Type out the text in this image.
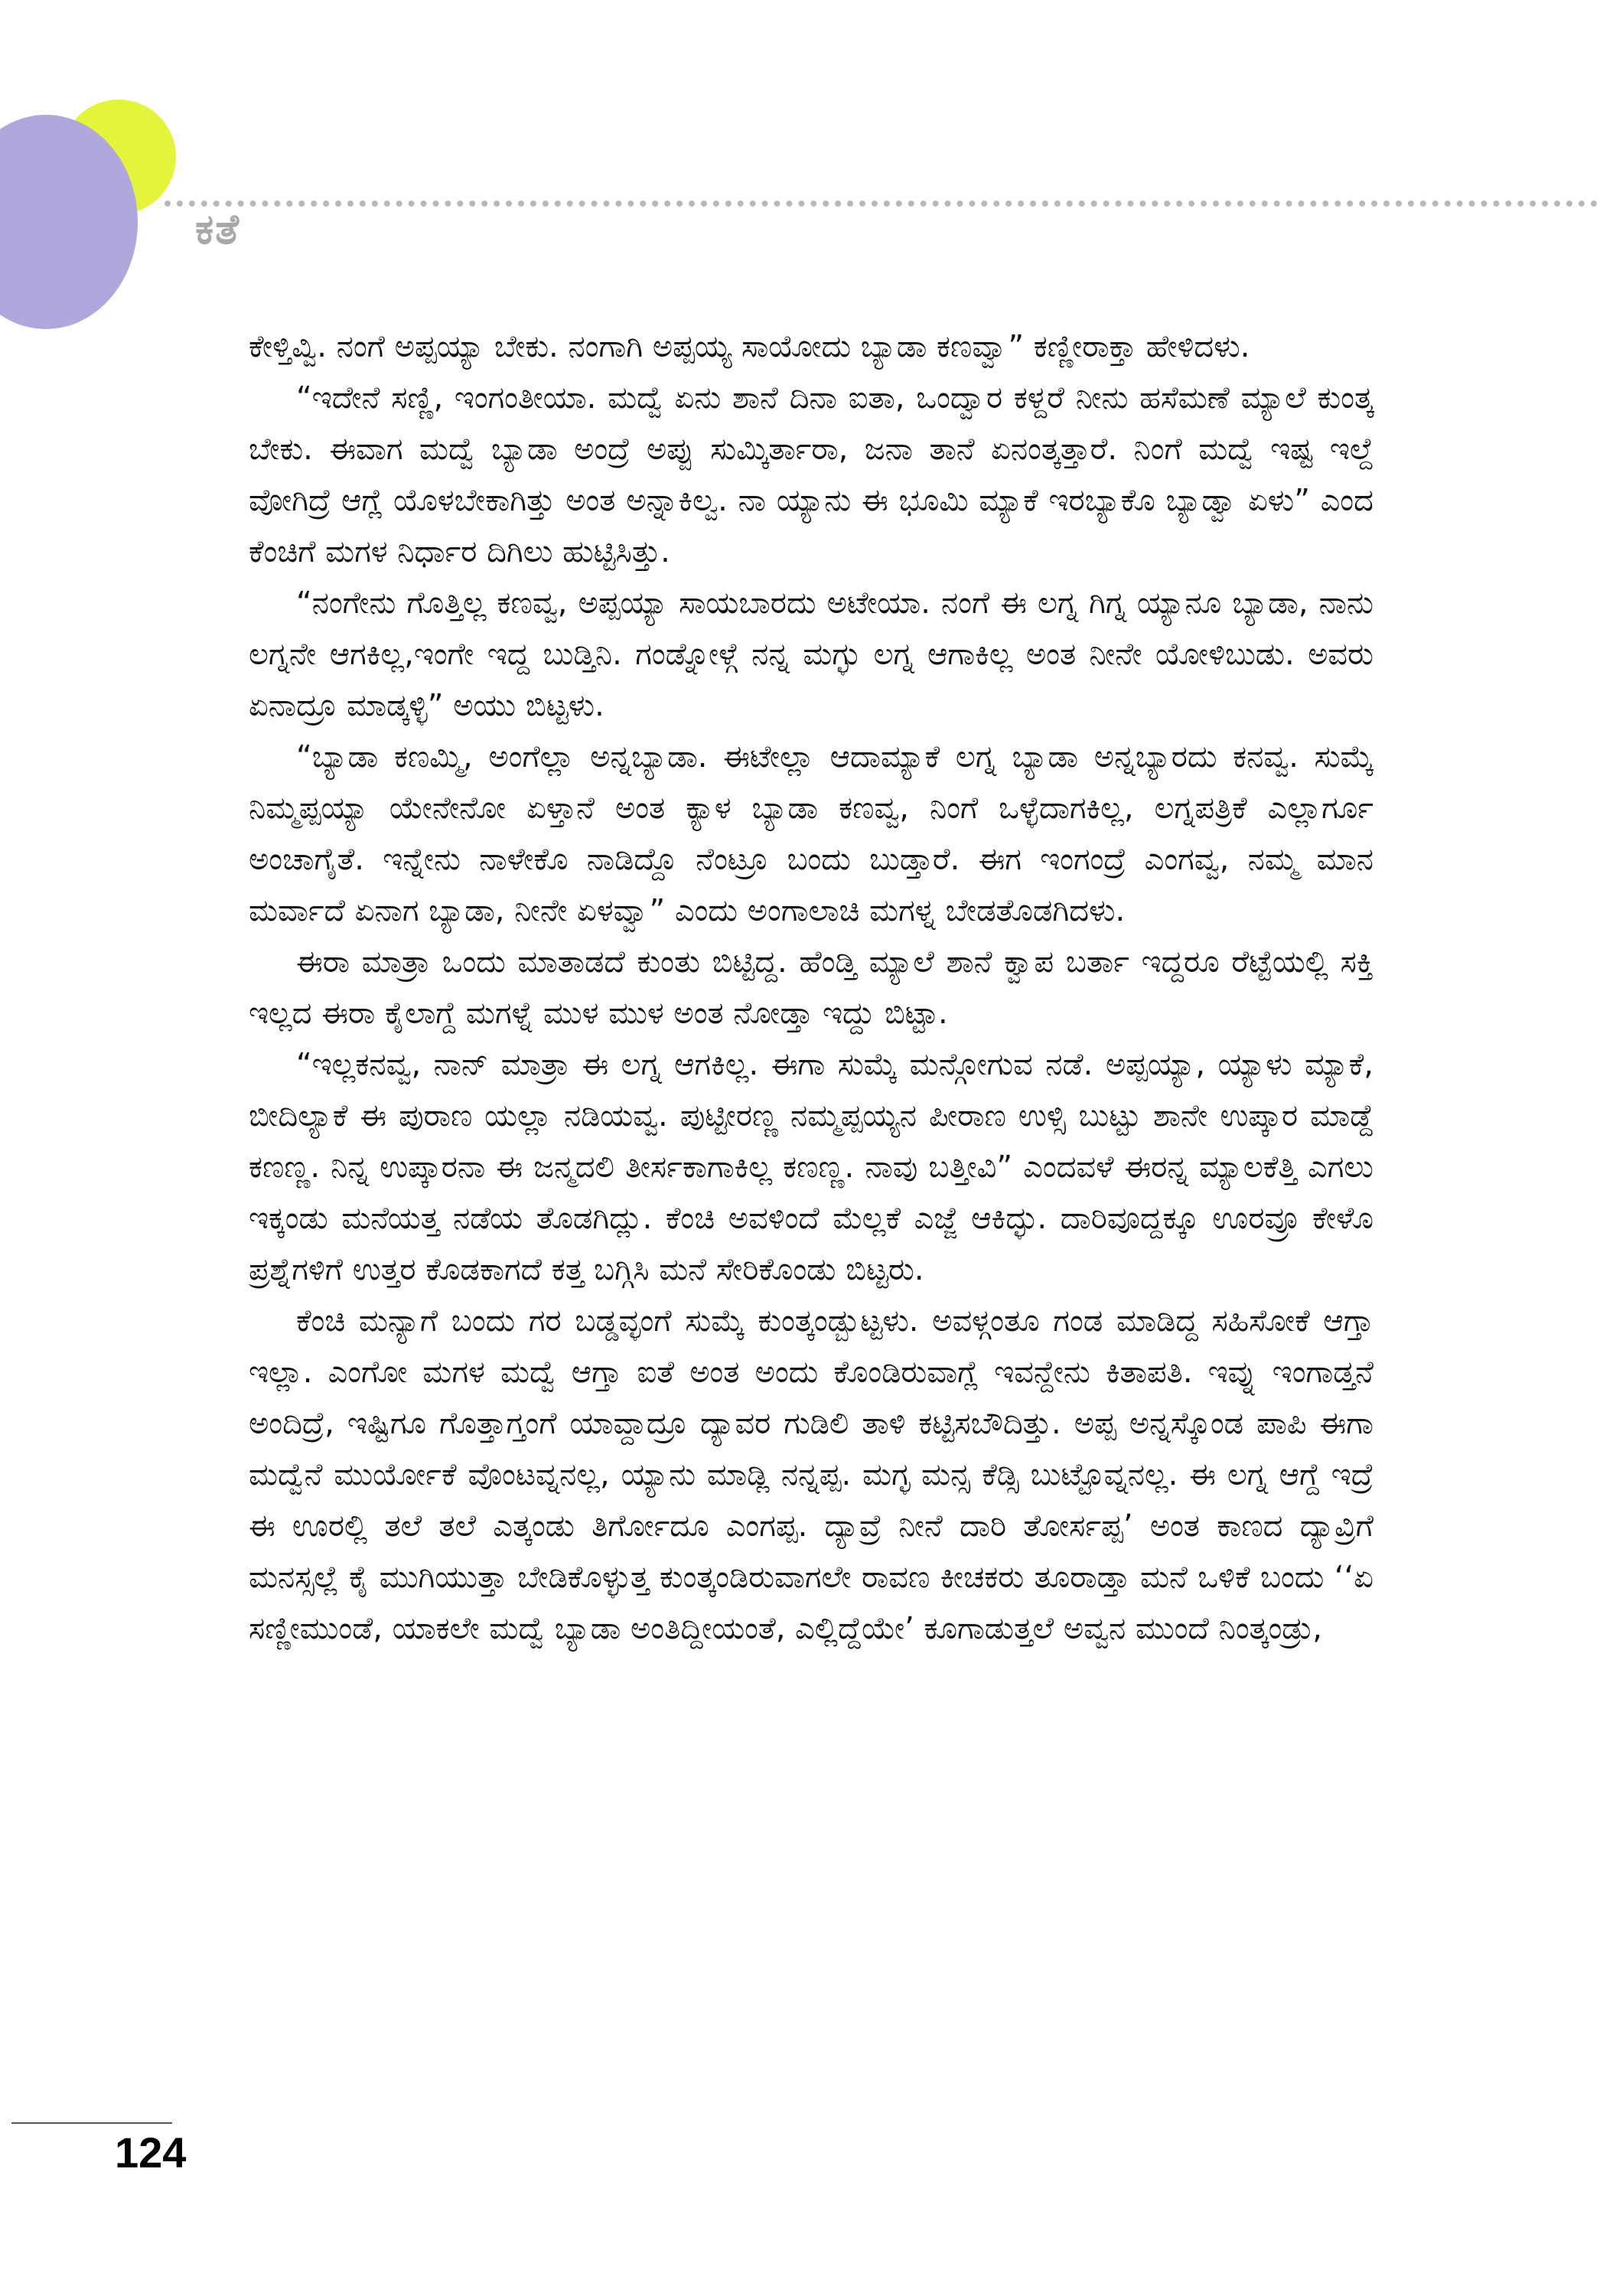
ಕತೆ

ಕೇಳ್ತಿವ್ವಿ. ನಂಗೆ ಅಪ್ಪಯ್ಯಾ ಬೇಕು. ನಂಗಾಗಿ ಅಪ್ಪಯ್ಯ ಸಾಯೋದು ಬ್ಯಾಡಾ ಕಣವ್ವಾ” ಕಣ್ಣೀರಾಕ್ತಾ ಹೇಳಿದಳು.

“ಇದೇನೆ ಸಣ್ಣಿ, ಇಂಗಂತೀಯಾ. ಮದ್ವೆ ಏನು ಶಾನೆ ದಿನಾ ಐತಾ, ಒಂದ್ವಾರ ಕಳ್ದರೆ ನೀನು ಹಸೆಮಣೆ ಮ್ಯಾಲೆ ಕುಂತ್ಕ ಬೇಕು. ಈವಾಗ ಮದ್ವೆ ಬ್ಯಾಡಾ ಅಂದ್ರೆ ಅಪ್ಪು ಸುಮ್ಕಿರ್ತಾರಾ, ಜನಾ ತಾನೆ ಏನಂತ್ಕತ್ತಾರೆ. ನಿಂಗೆ ಮದ್ವೆ ಇಷ್ಟ ಇಲ್ದೆ ವೋಗಿದ್ರೆ ಆಗ್ಲೆ ಯೊಳಬೇಕಾಗಿತ್ತು ಅಂತ ಅನ್ನಾಕಿಲ್ವ. ನಾ ಯ್ಯಾನು ಈ ಭೂಮಿ ಮ್ಯಾಕೆ ಇರಬ್ಯಾಕೊ ಬ್ಯಾಡ್ವಾ ಏಳು” ಎಂದ ಕೆಂಚಿಗೆ ಮಗಳ ನಿರ್ಧಾರ ದಿಗಿಲು ಹುಟ್ಟಿಸಿತ್ತು.

“ನಂಗೇನು ಗೊತ್ತಿಲ್ಲ ಕಣವ್ವ, ಅಪ್ಪಯ್ಯಾ ಸಾಯಬಾರದು ಅಟೇಯಾ. ನಂಗೆ ಈ ಲಗ್ನ ಗಿಗ್ನ ಯ್ಯಾನೂ ಬ್ಯಾಡಾ, ನಾನು ಲಗ್ನನೇ ಆಗಕಿಲ್ಲ,ಇಂಗೇ ಇದ್ದ ಬುಡ್ತಿನಿ. ಗಂಡ್ನೋಳ್ಗೆ ನನ್ನ ಮಗ್ಳು ಲಗ್ನ ಆಗಾಕಿಲ್ಲ ಅಂತ ನೀನೇ ಯೋಳಿಬುಡು. ಅವರು ಏನಾದ್ರೂ ಮಾಡ್ಕಳ್ಳಿ” ಅಯು ಬಿಟ್ಟಳು.

“ಬ್ಯಾಡಾ ಕಣಮ್ಮಿ, ಅಂಗೆಲ್ಲಾ ಅನ್ನಬ್ಯಾಡಾ. ಈಟೇಲ್ಲಾ ಆದಾಮ್ಯಾಕೆ ಲಗ್ನ ಬ್ಯಾಡಾ ಅನ್ನಬ್ಯಾರದು ಕನವ್ವ. ಸುಮ್ಕೆ ನಿಮ್ಮಪ್ಪಯ್ಯಾ ಯೇನೇನೋ ಏಳ್ತಾನೆ ಅಂತ ಕ್ಯಾಳ ಬ್ಯಾಡಾ ಕಣವ್ವ, ನಿಂಗೆ ಒಳ್ಳೆದಾಗಕಿಲ್ಲ, ಲಗ್ನಪತ್ರಿಕೆ ಎಲ್ಲಾರ್ಗೂ ಅಂಚಾಗೈತೆ. ಇನ್ನೇನು ನಾಳೇಕೊ ನಾಡಿದ್ದೊ ನೆಂಟ್ರೂ ಬಂದು ಬುಡ್ತಾರೆ. ಈಗ ಇಂಗಂದ್ರೆ ಎಂಗವ್ವ, ನಮ್ಮ ಮಾನ ಮರ್ವಾದೆ ಏನಾಗ ಬ್ಯಾಡಾ, ನೀನೇ ಏಳವ್ವಾ” ಎಂದು ಅಂಗಾಲಾಚಿ ಮಗಳ್ನ ಬೇಡತೊಡಗಿದಳು.

ಈರಾ ಮಾತ್ರಾ ಒಂದು ಮಾತಾಡದೆ ಕುಂತು ಬಿಟ್ಟಿದ್ದ. ಹೆಂಡ್ತಿ ಮ್ಯಾಲೆ ಶಾನೆ ಕ್ವಾಪ ಬರ್ತಾ ಇದ್ದರೂ ರೆಟ್ಟೆಯಲ್ಲಿ ಸಕ್ತಿ ಇಲ್ಲದ ಈರಾ ಕೈಲಾಗ್ದೆ ಮಗಳ್ನೆ ಮುಳ ಮುಳ ಅಂತ ನೋಡ್ತಾ ಇದ್ದು ಬಿಟ್ಟಾ.

“ಇಲ್ಲಕನವ್ವ, ನಾನ್ ಮಾತ್ರಾ ಈ ಲಗ್ನ ಆಗಕಿಲ್ಲ. ಈಗಾ ಸುಮ್ಕೆ ಮನ್ಗೋಗುವ ನಡೆ. ಅಪ್ಪಯ್ಯಾ, ಯ್ಯಾಳು ಮ್ಯಾಕೆ, ಬೀದಿಲ್ಯಾಕೆ ಈ ಪುರಾಣ ಯಲ್ಲಾ ನಡಿಯವ್ವ. ಪುಟ್ಟೀರಣ್ಣ ನಮ್ಮಪ್ಪಯ್ಯನ ಪೀರಾಣ ಉಳ್ಸಿ ಬುಟ್ಟು ಶಾನೇ ಉಪ್ಕಾರ ಮಾಡ್ದೆ ಕಣಣ್ಣ. ನಿನ್ನ ಉಪ್ಕಾರನಾ ಈ ಜನ್ಮದಲಿ ತೀರ್ಸಕಾಗಾಕಿಲ್ಲ ಕಣಣ್ಣ. ನಾವು ಬತ್ತೀವಿ” ಎಂದವಳೆ ಈರನ್ನ ಮ್ಯಾಲಕೆತ್ತಿ ಎಗಲು ಇಕ್ಕಂಡು ಮನೆಯತ್ತ ನಡೆಯ ತೊಡಗಿದ್ಲು. ಕೆಂಚಿ ಅವಳಿಂದೆ ಮೆಲ್ಲಕೆ ಎಜ್ಜೆ ಆಕಿದ್ಳು. ದಾರಿವೂದ್ದಕ್ಕೂ ಊರವ್ರೂ ಕೇಳೊ ಪ್ರಶ್ನೆಗಳಿಗೆ ಉತ್ತರ ಕೊಡಕಾಗದೆ ಕತ್ತ ಬಗ್ಗಿಸಿ ಮನೆ ಸೇರಿಕೊಂಡು ಬಿಟ್ಟರು.

ಕೆಂಚಿ ಮನ್ಯಾಗೆ ಬಂದು ಗರ ಬಡ್ಡವ್ಳಂಗೆ ಸುಮ್ಕೆ ಕುಂತ್ಕಂಡ್ಬುಟ್ಟಳು. ಅವಳ್ಗಂತೂ ಗಂಡ ಮಾಡಿದ್ದ ಸಹಿಸೋಕೆ ಆಗ್ತಾ ಇಲ್ಲಾ. ಎಂಗೋ ಮಗಳ ಮದ್ವೆ ಆಗ್ತಾ ಐತೆ ಅಂತ ಅಂದು ಕೊಂಡಿರುವಾಗ್ಲೆ ಇವನ್ದೇನು ಕಿತಾಪತಿ. ಇವ್ನು ಇಂಗಾಡ್ತನೆ ಅಂದಿದ್ರೆ, ಇಷ್ಟಿಗೂ ಗೊತ್ತಾಗ್ತಂಗೆ ಯಾವ್ದಾದ್ರೂ ದ್ಯಾವರ ಗುಡಿಲಿ ತಾಳಿ ಕಟ್ಟಿಸಬೌದಿತ್ತು. ಅಪ್ಪ ಅನ್ನಸ್ಕೊಂಡ ಪಾಪಿ ಈಗಾ ಮದ್ವೆನೆ ಮುರ್ಯೋಕೆ ವೊಂಟವ್ನನಲ್ಲ, ಯ್ಯಾನು ಮಾಡ್ಲಿ ನನ್ನಪ್ಪ. ಮಗ್ಳ ಮನ್ಸ ಕೆಡ್ಸಿ ಬುಟ್ಟೊವ್ನನಲ್ಲ. ಈ ಲಗ್ನ ಆಗ್ದೆ ಇದ್ರೆ ಈ ಊರಲ್ಲಿ ತಲೆ ತಲೆ ಎತ್ಕಂಡು ತಿರ್ಗೋದೂ ಎಂಗಪ್ಪ. ದ್ಯಾವ್ರೆ ನೀನೆ ದಾರಿ ತೋರ್ಸಪ್ಪ’ ಅಂತ ಕಾಣದ ದ್ಯಾವ್ರಿಗೆ ಮನಸ್ಸಲ್ಲೆ ಕೈ ಮುಗಿಯುತ್ತಾ ಬೇಡಿಕೊಳ್ಳುತ್ತ ಕುಂತ್ಕಂಡಿರುವಾಗಲೇ ರಾವಣ ಕೀಚಕರು ತೂರಾಡ್ತಾ ಮನೆ ಒಳಿಕೆ ಬಂದು ‘‘ಏ ಸಣ್ಣೀಮುಂಡೆ, ಯಾಕಲೇ ಮದ್ವೆ ಬ್ಯಾಡಾ ಅಂತಿದ್ದೀಯಂತೆ, ಎಲ್ಲಿದ್ದೆಯೇ’ ಕೂಗಾಡುತ್ತಲೆ ಅವ್ವನ ಮುಂದೆ ನಿಂತ್ಕಂಡ್ರು,

124
